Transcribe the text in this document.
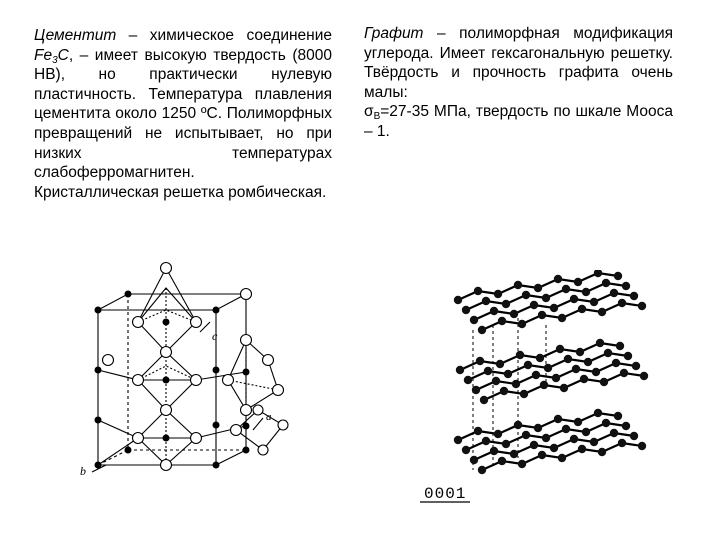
Цементит – химическое соединение $Fe_3C$, – имеет высокую твердость (8000 HB), но практически нулевую пластичность. Температура плавления цементита около 1250 ºС. Полиморфных превращений не испытывает, но при низких температурах слабоферромагнитен.

Кристаллическая решетка ромбическая.

Графит – полиморфная модификация углерода. Имеет гексагональную решетку. Твёрдость и прочность графита очень малы:

$\sigma_В=27-35$ МПа, твердость по шкале Мооса – 1.

c
b
a
0001
